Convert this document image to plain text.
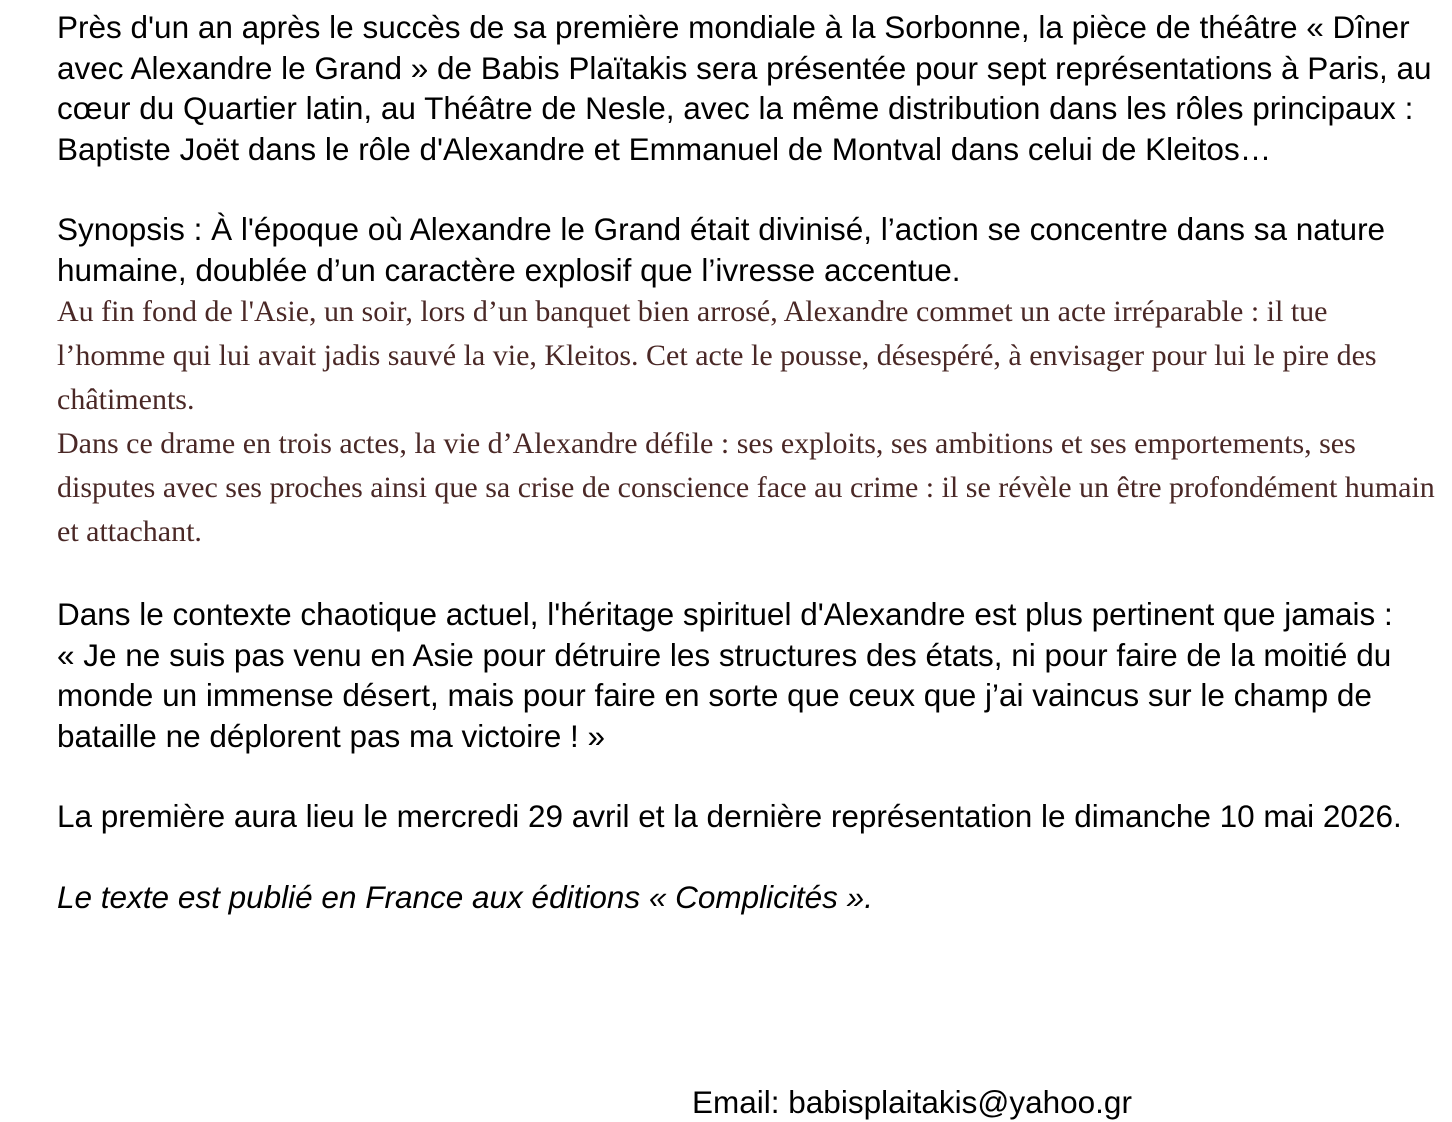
Près d'un an après le succès de sa première mondiale à la Sorbonne, la pièce de théâtre « Dîner avec Alexandre le Grand » de Babis Plaïtakis sera présentée pour sept représentations à Paris, au cœur du Quartier latin, au Théâtre de Nesle, avec la même distribution dans les rôles principaux : Baptiste Joët dans le rôle d'Alexandre et Emmanuel de Montval dans celui de Kleitos…

Synopsis : À l'époque où Alexandre le Grand était divinisé, l’action se concentre dans sa nature humaine, doublée d’un caractère explosif que l’ivresse accentue.

Au fin fond de l'Asie, un soir, lors d’un banquet bien arrosé, Alexandre commet un acte irréparable : il tue l’homme qui lui avait jadis sauvé la vie, Kleitos. Cet acte le pousse, désespéré, à envisager pour lui le pire des châtiments.

Dans ce drame en trois actes, la vie d’Alexandre défile : ses exploits, ses ambitions et ses emportements, ses disputes avec ses proches ainsi que sa crise de conscience face au crime : il se révèle un être profondément humain et attachant.

Dans le contexte chaotique actuel, l'héritage spirituel d'Alexandre est plus pertinent que jamais :

« Je ne suis pas venu en Asie pour détruire les structures des états, ni pour faire de la moitié du monde un immense désert, mais pour faire en sorte que ceux que j’ai vaincus sur le champ de bataille ne déplorent pas ma victoire ! »

La première aura lieu le mercredi 29 avril et la dernière représentation le dimanche 10 mai 2026.

Le texte est publié en France aux éditions « Complicités ».

Email: babisplaitakis@yahoo.gr
